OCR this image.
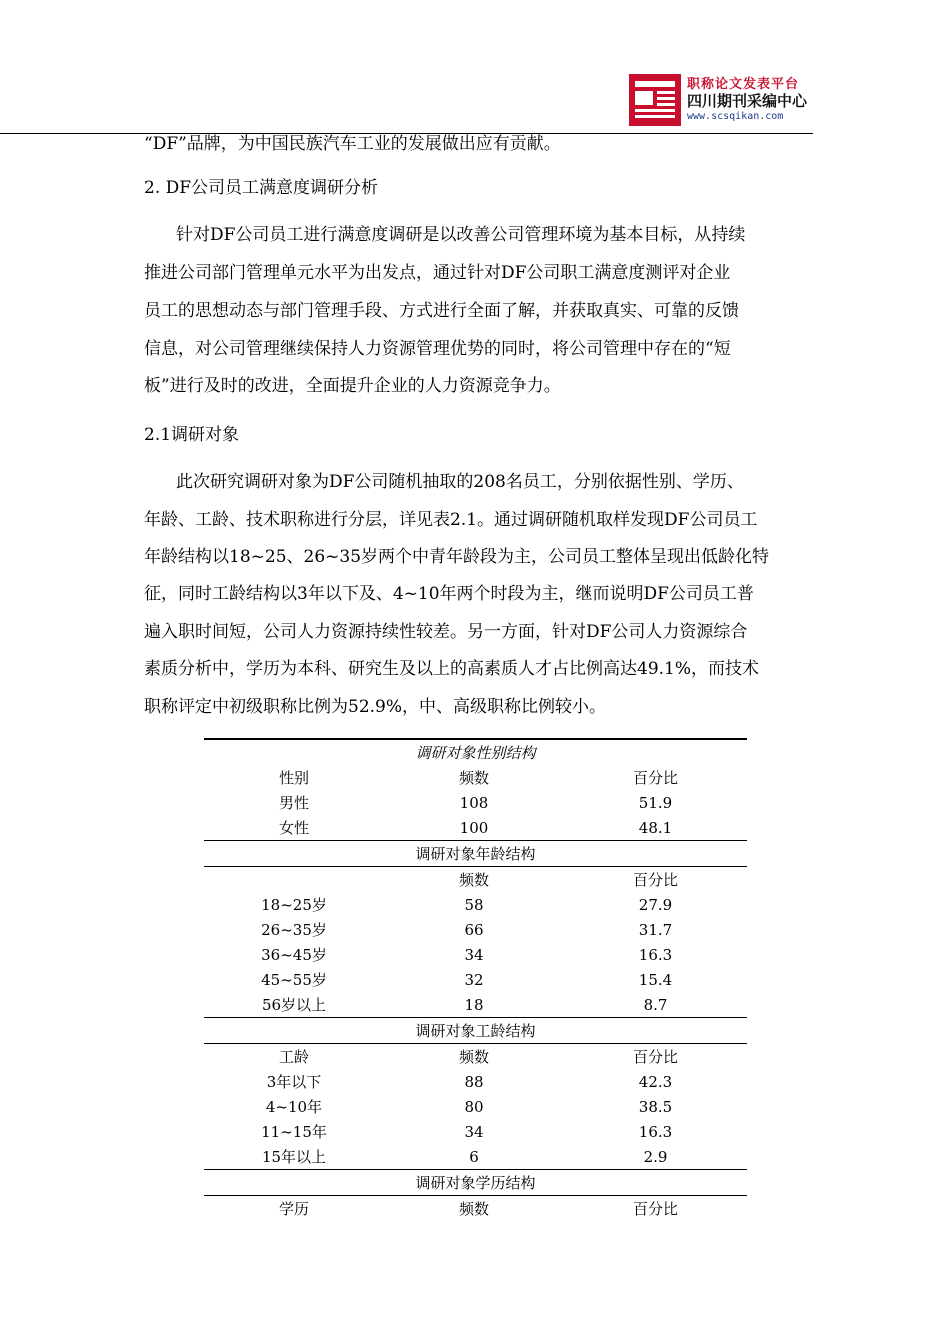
职称论文发表平台
四川期刊采编中心
www.scsqikan.com
“DF”品牌，为中国民族汽车工业的发展做出应有贡献。
2. DF公司员工满意度调研分析
针对DF公司员工进行满意度调研是以改善公司管理环境为基本目标，从持续
推进公司部门管理单元水平为出发点，通过针对DF公司职工满意度测评对企业
员工的思想动态与部门管理手段、方式进行全面了解，并获取真实、可靠的反馈
信息，对公司管理继续保持人力资源管理优势的同时，将公司管理中存在的“短
板”进行及时的改进，全面提升企业的人力资源竞争力。
2.1调研对象
此次研究调研对象为DF公司随机抽取的208名员工，分别依据性别、学历、
年龄、工龄、技术职称进行分层，详见表2.1。通过调研随机取样发现DF公司员工
年龄结构以18~25、26~35岁两个中青年龄段为主，公司员工整体呈现出低龄化特
征，同时工龄结构以3年以下及、4~10年两个时段为主，继而说明DF公司员工普
遍入职时间短，公司人力资源持续性较差。另一方面，针对DF公司人力资源综合
素质分析中，学历为本科、研究生及以上的高素质人才占比例高达49.1%，而技术
职称评定中初级职称比例为52.9%，中、高级职称比例较小。
调研对象性别结构		
性别	频数	百分比
男性	108	51.9
女性	100	48.1
调研对象年龄结构		
	频数	百分比
18~25岁	58	27.9
26~35岁	66	31.7
36~45岁	34	16.3
45~55岁	32	15.4
56岁以上	18	8.7
调研对象工龄结构		
工龄	频数	百分比
3年以下	88	42.3
4~10年	80	38.5
11~15年	34	16.3
15年以上	6	2.9
调研对象学历结构		
学历	频数	百分比
